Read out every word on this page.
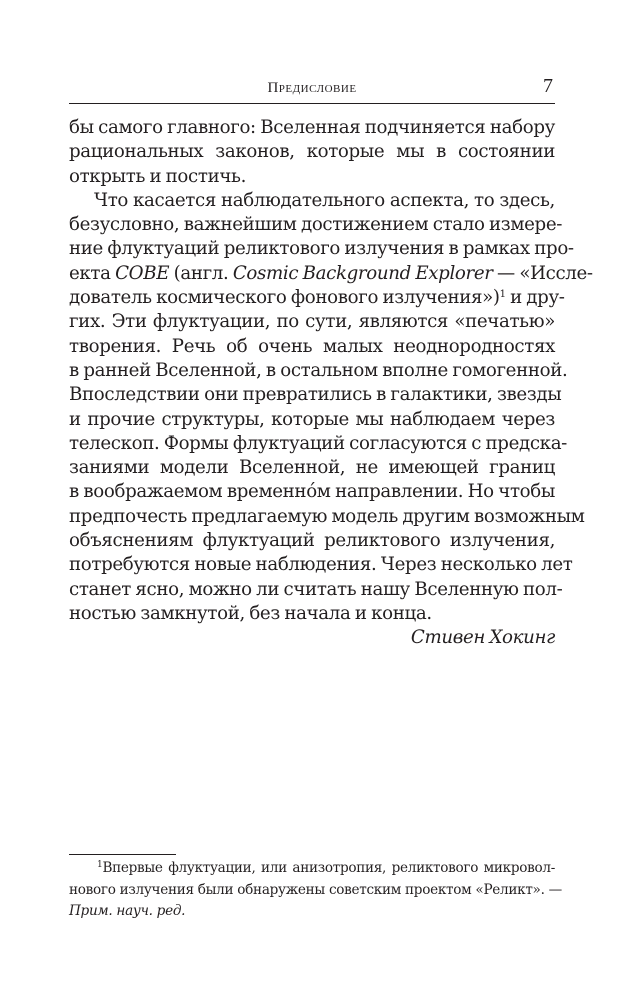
Предисловие	7
бы самого главного: Вселенная подчиняется набору
рациональных законов, которые мы в состоянии
открыть и постичь.
Что касается наблюдательного аспекта, то здесь,
безусловно, важнейшим достижением стало измере-
ние флуктуаций реликтового излучения в рамках про-
екта COBE (англ. Cosmic Background Explorer — «Иссле-
дователь космического фонового излучения»)$^1$ и дру-
гих. Эти флуктуации, по сути, являются «печатью»
творения. Речь об очень малых неоднородностях
в ранней Вселенной, в остальном вполне гомогенной.
Впоследствии они превратились в галактики, звезды
и прочие структуры, которые мы наблюдаем через
телескоп. Формы флуктуаций согласуются с предска-
заниями модели Вселенной, не имеющей границ
в воображаемом временно́м направлении. Но чтобы
предпочесть предлагаемую модель другим возможным
объяснениям флуктуаций реликтового излучения,
потребуются новые наблюдения. Через несколько лет
станет ясно, можно ли считать нашу Вселенную пол-
ностью замкнутой, без начала и конца.
Стивен Хокинг
$^1$Впервые флуктуации, или анизотропия, реликтового микровол-
нового излучения были обнаружены советским проектом «Реликт». —
Прим. науч. ред.
